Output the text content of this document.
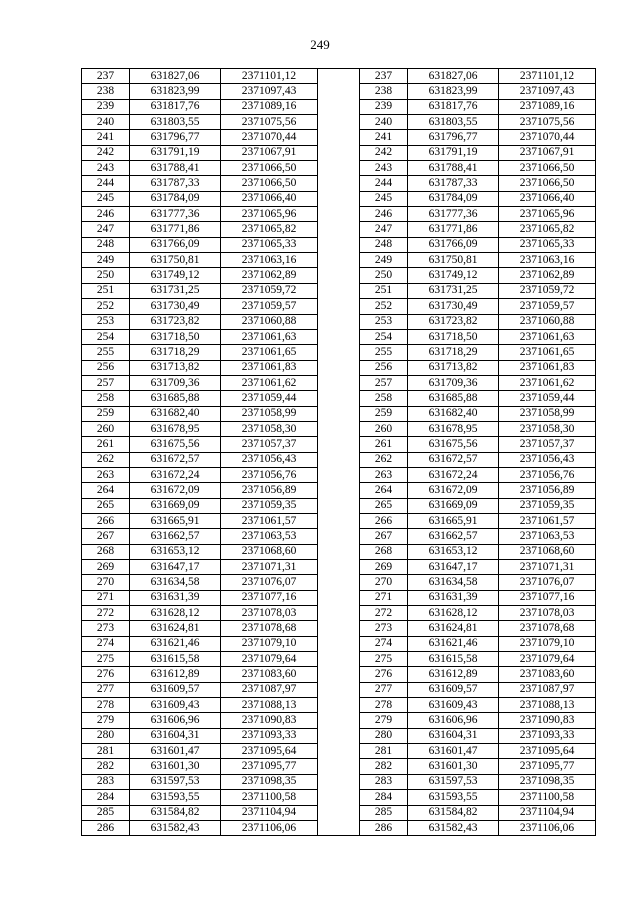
249
237	631827,06	2371101,12		237	631827,06	2371101,12
238	631823,99	2371097,43		238	631823,99	2371097,43
239	631817,76	2371089,16		239	631817,76	2371089,16
240	631803,55	2371075,56		240	631803,55	2371075,56
241	631796,77	2371070,44		241	631796,77	2371070,44
242	631791,19	2371067,91		242	631791,19	2371067,91
243	631788,41	2371066,50		243	631788,41	2371066,50
244	631787,33	2371066,50		244	631787,33	2371066,50
245	631784,09	2371066,40		245	631784,09	2371066,40
246	631777,36	2371065,96		246	631777,36	2371065,96
247	631771,86	2371065,82		247	631771,86	2371065,82
248	631766,09	2371065,33		248	631766,09	2371065,33
249	631750,81	2371063,16		249	631750,81	2371063,16
250	631749,12	2371062,89		250	631749,12	2371062,89
251	631731,25	2371059,72		251	631731,25	2371059,72
252	631730,49	2371059,57		252	631730,49	2371059,57
253	631723,82	2371060,88		253	631723,82	2371060,88
254	631718,50	2371061,63		254	631718,50	2371061,63
255	631718,29	2371061,65		255	631718,29	2371061,65
256	631713,82	2371061,83		256	631713,82	2371061,83
257	631709,36	2371061,62		257	631709,36	2371061,62
258	631685,88	2371059,44		258	631685,88	2371059,44
259	631682,40	2371058,99		259	631682,40	2371058,99
260	631678,95	2371058,30		260	631678,95	2371058,30
261	631675,56	2371057,37		261	631675,56	2371057,37
262	631672,57	2371056,43		262	631672,57	2371056,43
263	631672,24	2371056,76		263	631672,24	2371056,76
264	631672,09	2371056,89		264	631672,09	2371056,89
265	631669,09	2371059,35		265	631669,09	2371059,35
266	631665,91	2371061,57		266	631665,91	2371061,57
267	631662,57	2371063,53		267	631662,57	2371063,53
268	631653,12	2371068,60		268	631653,12	2371068,60
269	631647,17	2371071,31		269	631647,17	2371071,31
270	631634,58	2371076,07		270	631634,58	2371076,07
271	631631,39	2371077,16		271	631631,39	2371077,16
272	631628,12	2371078,03		272	631628,12	2371078,03
273	631624,81	2371078,68		273	631624,81	2371078,68
274	631621,46	2371079,10		274	631621,46	2371079,10
275	631615,58	2371079,64		275	631615,58	2371079,64
276	631612,89	2371083,60		276	631612,89	2371083,60
277	631609,57	2371087,97		277	631609,57	2371087,97
278	631609,43	2371088,13		278	631609,43	2371088,13
279	631606,96	2371090,83		279	631606,96	2371090,83
280	631604,31	2371093,33		280	631604,31	2371093,33
281	631601,47	2371095,64		281	631601,47	2371095,64
282	631601,30	2371095,77		282	631601,30	2371095,77
283	631597,53	2371098,35		283	631597,53	2371098,35
284	631593,55	2371100,58		284	631593,55	2371100,58
285	631584,82	2371104,94		285	631584,82	2371104,94
286	631582,43	2371106,06		286	631582,43	2371106,06
